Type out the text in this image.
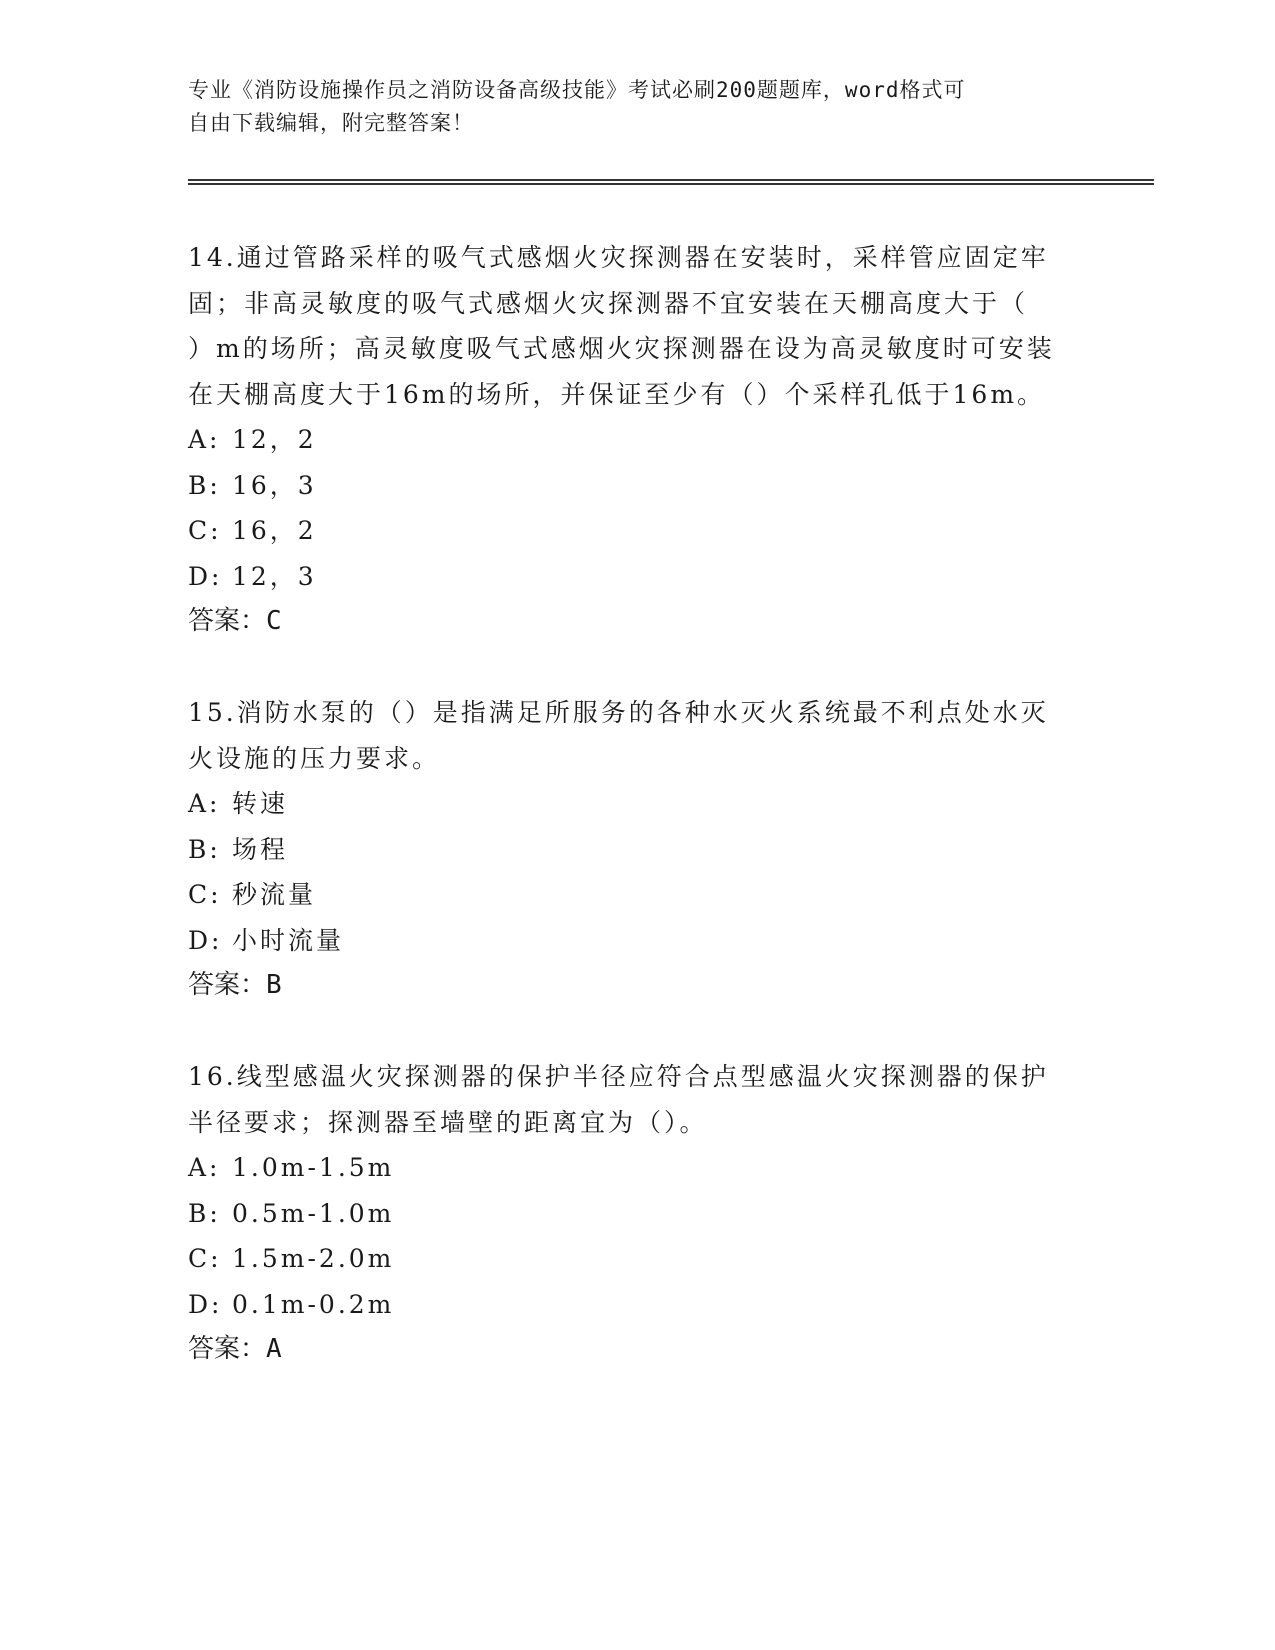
专业《消防设施操作员之消防设备高级技能》考试必刷200题题库，word格式可
自由下载编辑，附完整答案！

14.通过管路采样的吸气式感烟火灾探测器在安装时，采样管应固定牢
固；非高灵敏度的吸气式感烟火灾探测器不宜安装在天棚高度大于（
）m的场所；高灵敏度吸气式感烟火灾探测器在设为高灵敏度时可安装
在天棚高度大于16m的场所，并保证至少有（）个采样孔低于16m。

A: 12，2

B: 16，3

C: 16，2

D: 12，3

答案：C

15.消防水泵的（）是指满足所服务的各种水灭火系统最不利点处水灭
火设施的压力要求。

A: 转速

B: 场程

C: 秒流量

D: 小时流量

答案：B

16.线型感温火灾探测器的保护半径应符合点型感温火灾探测器的保护
半径要求；探测器至墙壁的距离宜为（）。

A: 1.0m-1.5m

B: 0.5m-1.0m

C: 1.5m-2.0m

D: 0.1m-0.2m

答案：A
